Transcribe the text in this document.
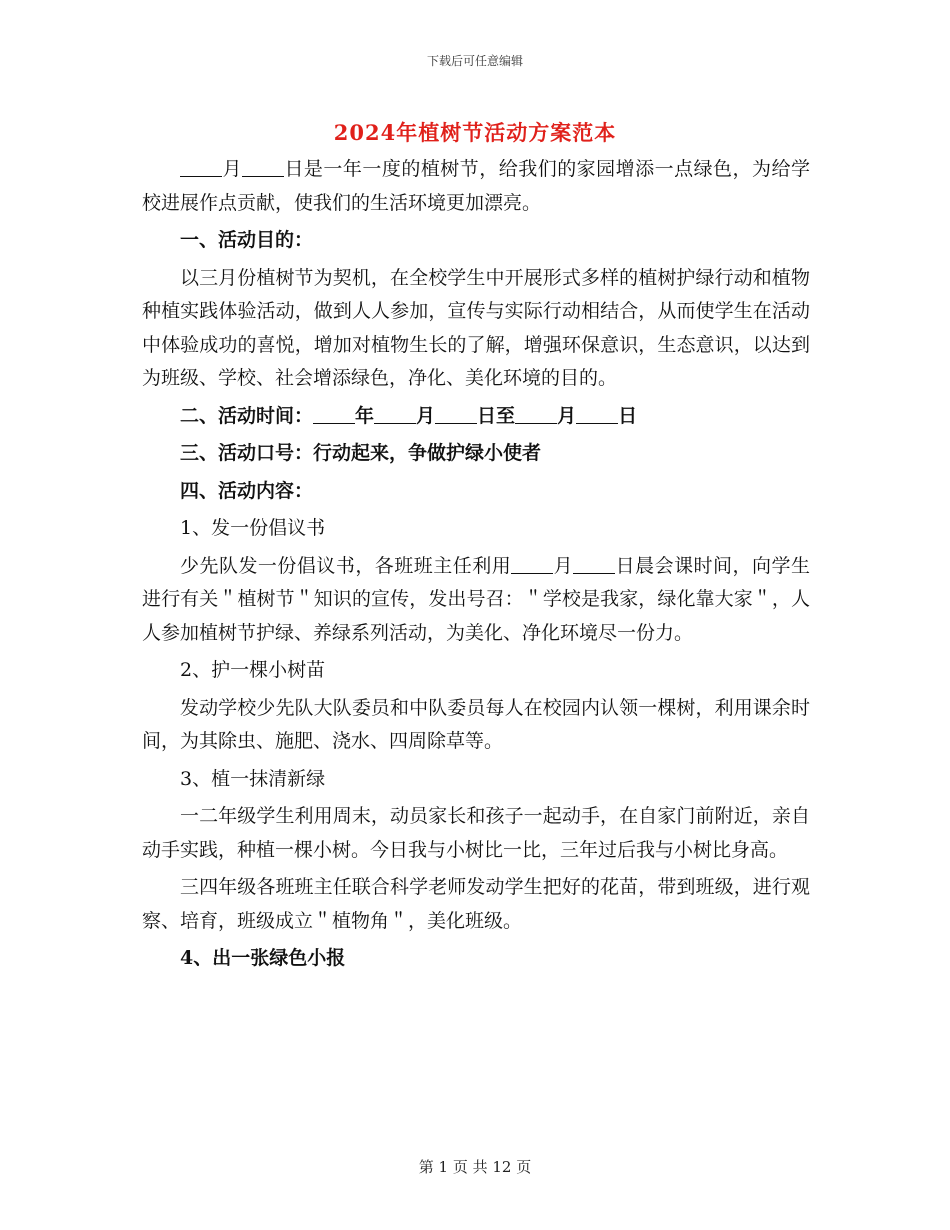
下载后可任意编辑
2024年植树节活动方案范本

月 日是一年一度的植树节，给我们的家园增添一点绿色，为给学校进展作点贡献，使我们的生活环境更加漂亮。

一、活动目的：

以三月份植树节为契机，在全校学生中开展形式多样的植树护绿行动和植物种植实践体验活动，做到人人参加，宣传与实际行动相结合，从而使学生在活动中体验成功的喜悦，增加对植物生长的了解，增强环保意识，生态意识，以达到为班级、学校、社会增添绿色，净化、美化环境的目的。

二、活动时间： 年 月 日至 月 日

三、活动口号：行动起来，争做护绿小使者

四、活动内容：

1、发一份倡议书

少先队发一份倡议书，各班班主任利用 月 日晨会课时间，向学生进行有关＂植树节＂知识的宣传，发出号召：＂学校是我家，绿化靠大家＂，人人参加植树节护绿、养绿系列活动，为美化、净化环境尽一份力。

2、护一棵小树苗

发动学校少先队大队委员和中队委员每人在校园内认领一棵树，利用课余时间，为其除虫、施肥、浇水、四周除草等。

3、植一抹清新绿

一二年级学生利用周末，动员家长和孩子一起动手，在自家门前附近，亲自动手实践，种植一棵小树。今日我与小树比一比，三年过后我与小树比身高。

三四年级各班班主任联合科学老师发动学生把好的花苗，带到班级，进行观察、培育，班级成立＂植物角＂，美化班级。

4、出一张绿色小报

第 1 页 共 12 页
